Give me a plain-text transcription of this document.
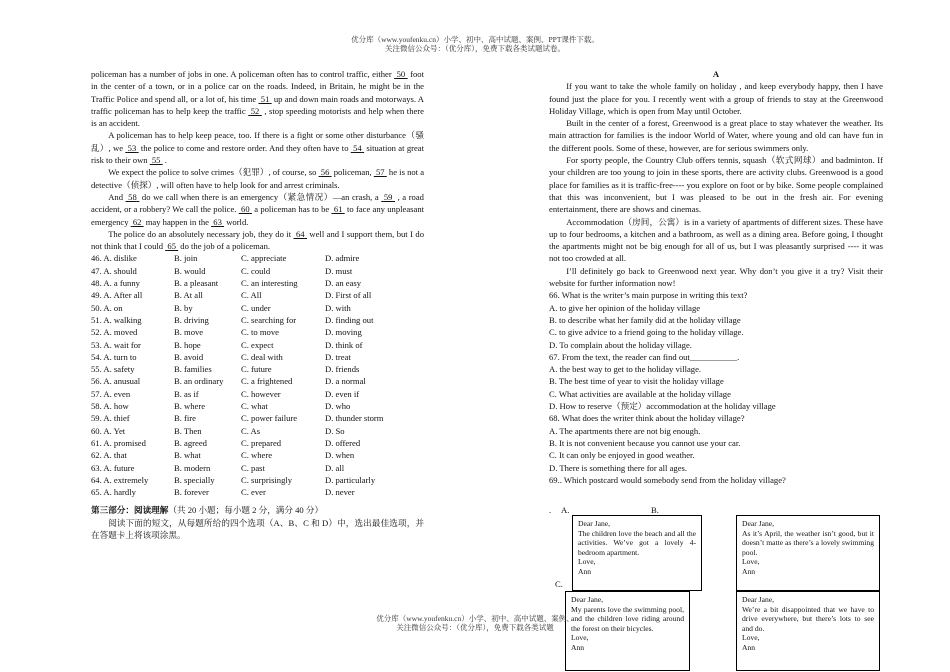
优分库（www.youfenku.cn）小学、初中、高中试题、案例、PPT课件下载。
关注微信公众号：（优分库），免费下载各类试题试卷。

policeman has a number of jobs in one. A policeman often has to control traffic, either  50  foot in the center of a town, or in a police car on the roads. Indeed, in Britain, he might be in the Traffic Police and spend all, or a lot of, his time  51  up and down main roads and motorways. A traffic policeman has to help keep the traffic  52  , stop speeding motorists and help when there is an accident.

A policeman has to help keep peace, too. If there is a fight or some other disturbance（骚乱）, we  53  the police to come and restore order. And they often have to  54  situation at great risk to their own  55  .

We expect the police to solve crimes（犯罪）, of course, so  56  policeman,  57  he is not a detective（侦探）, will often have to help look for and arrest criminals.

And  58  do we call when there is an emergency（紧急情况）—an crash, a  59  , a road accident, or a robbery? We call the police.  60  a policeman has to be  61  to face any unpleasant emergency  62  may happen in the  63  world.

The police do an absolutely necessary job, they do it  64  well and I support them, but I do not think that I could  65  do the job of a policeman.

46. A. dislike	B. join	C. appreciate	D. admire
47. A. should	B. would	C. could	D. must
48. A. a funny	B. a pleasant	C. an interesting	D. an easy
49. A. After all	B. At all	C. All	D. First of all
50. A. on	B. by	C. under	D. with
51. A. walking	B. driving	C. searching for	D. finding out
52. A. moved	B. move	C. to move	D. moving
53. A. wait for	B. hope	C. expect	D. think of
54. A. turn to	B. avoid	C. deal with	D. treat
55. A. safety	B. families	C. future	D. friends
56. A. anusual	B. an ordinary	C. a frightened	D. a normal
57. A. even	B. as if	C. however	D. even if
58. A. how	B. where	C. what	D. who
59. A. thief	B. fire	C. power failure	D. thunder storm
60. A. Yet	B. Then	C. As	D. So
61. A. promised	B. agreed	C. prepared	D. offered
62. A. that	B. what	C. where	D. when
63. A. future	B. modern	C. past	D. all
64. A. extremely	B. specially	C. surprisingly	D. particularly
65. A. hardly	B. forever	C. ever	D. never

第三部分：阅读理解（共 20 小题；每小题 2 分，满分 40 分）

阅读下面的短文，从每题所给的四个选项（A、B、C 和 D）中，选出最佳选项，并在答题卡上将该项涂黑。

A

If you want to take the whole family on holiday , and keep everybody happy, then I have found just the place for you. I recently went with a group of friends to stay at the Greenwood Holiday Village, which is open from May until October.

Built in the center of a forest, Greenwood is a great place to stay whatever the weather. Its main attraction for families is the indoor World of Water, where young and old can have fun in the different pools. Some of these, however, are for serious swimmers only.

For sporty people, the Country Club offers tennis, squash（软式网球）and badminton. If your children are too young to join in these sports, there are activity clubs. Greenwood is a good place for families as it is traffic-free---- you explore on foot or by bike. Some people complained that this was inconvenient, but I was pleased to be out in the fresh air. For evening entertainment, there are shows and cinemas.

Accommodation（房间，公寓）is in a variety of apartments of different sizes. These have up to four bedrooms, a kitchen and a bathroom, as well as a dining area. Before going, I thought the apartments might not be big enough for all of us, but I was pleasantly surprised ---- it was not too crowded at all.

I’ll definitely go back to Greenwood next year. Why don’t you give it a try? Visit their website for further information now!

66. What is the writer’s main purpose in writing this text?

A. to give her opinion of the holiday village

B. to describe what her family did at the holiday village

C. to give advice to a friend going to the holiday village.

D. To complain about the holiday village.

67. From the text, the reader can find out___________.

A. the best way to get to the holiday village.

B. The best time of year to visit the holiday village

C. What activities are available at the holiday village

D. How to reserve（预定）accommodation at the holiday village

68. What does the writer think about the holiday village?

A. The apartments there are not big enough.

B. It is not convenient because you cannot use your car.

C. It can only be enjoyed in good weather.

D. There is something there for all ages.

69.. Which postcard would somebody send from the holiday village?

. A.	B.
C.
Dear Jane,
The children love the beach and all the activities. We’ve got a lovely 4-bedroom apartment.
Love,
Ann
Dear Jane,
As it’s April, the weather isn’t good, but it doesn’t matte as there’s a lovely swimming pool.
Love,
Ann
Dear Jane,
My parents love the swimming pool, and the children love riding around the forest on their bicycles.
Love,
Ann
Dear Jane,
We’re a bit disappointed that we have to drive everywhere, but there’s lots to see and do.
Love,
Ann
优分库（www.youfenku.cn）小学、初中、高中试题、案例、
关注微信公众号：（优分库），免费下载各类试题
